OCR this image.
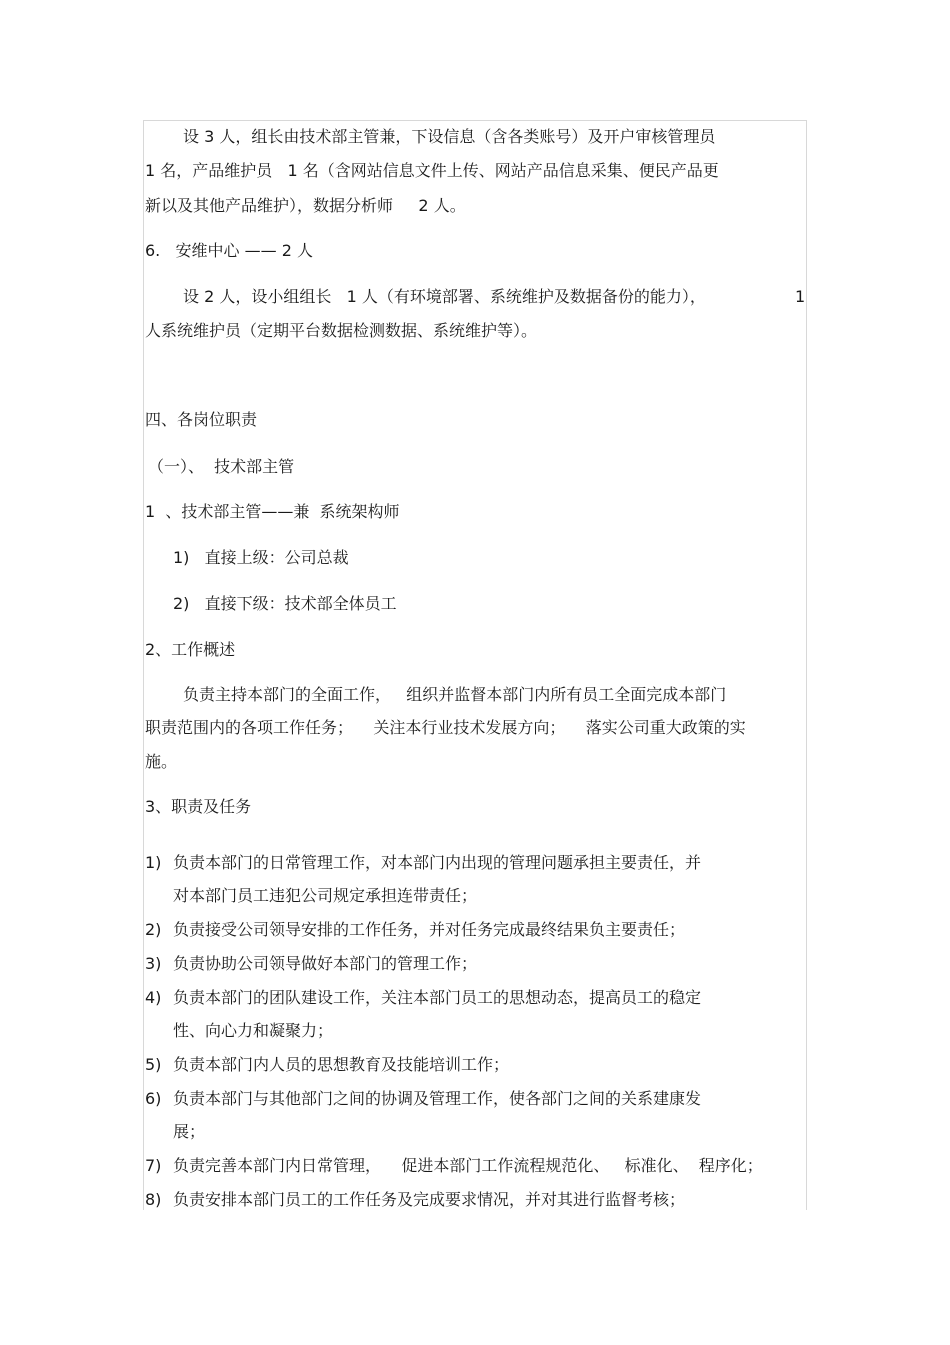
设 3 人，组长由技术部主管兼，下设信息（含各类账号）及开户审核管理员
1 名，产品维护员   1 名（含网站信息文件上传、网站产品信息采集、便民产品更
新以及其他产品维护），数据分析师     2 人。
6.   安维中心 —— 2 人
设 2 人，设小组组长   1 人（有环境部署、系统维护及数据备份的能力），	1
人系统维护员（定期平台数据检测数据、系统维护等）。
四、各岗位职责
（一）、  技术部主管
1  、技术部主管——兼  系统架构师
1)   直接上级：公司总裁
2)   直接下级：技术部全体员工
2、工作概述
负责主持本部门的全面工作，   组织并监督本部门内所有员工全面完成本部门
职责范围内的各项工作任务；    关注本行业技术发展方向；    落实公司重大政策的实
施。
3、职责及任务
1) 负责本部门的日常管理工作，对本部门内出现的管理问题承担主要责任，并
对本部门员工违犯公司规定承担连带责任；
2) 负责接受公司领导安排的工作任务，并对任务完成最终结果负主要责任；
3) 负责协助公司领导做好本部门的管理工作；
4) 负责本部门的团队建设工作，关注本部门员工的思想动态，提高员工的稳定
性、向心力和凝聚力；
5) 负责本部门内人员的思想教育及技能培训工作；
6) 负责本部门与其他部门之间的协调及管理工作，使各部门之间的关系建康发
展；
7) 负责完善本部门内日常管理，    促进本部门工作流程规范化、   标准化、  程序化；
8) 负责安排本部门员工的工作任务及完成要求情况，并对其进行监督考核；
